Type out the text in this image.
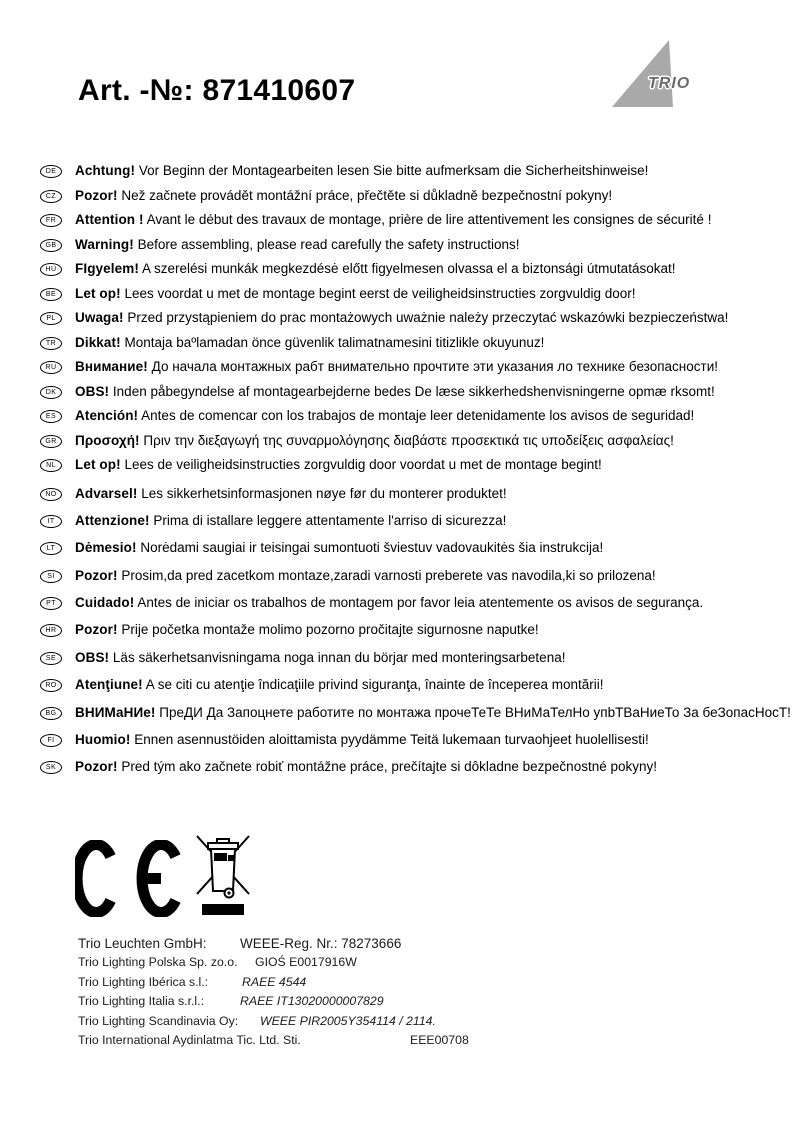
Art. -№: 871410607	TRIO
DE	Achtung! Vor Beginn der Montagearbeiten lesen Sie bitte aufmerksam die Sicherheitshinweise!

CZ	Pozor! Než začnete provádět montážní práce, přečtěte si důkladně bezpečnostní pokyny!

FR	Attention ! Avant le début des travaux de montage, prière de lire attentivement les consignes de sécurité !

GB	Warning! Before assembling, please read carefully the safety instructions!

HU	FIgyelem! A szerelési munkák megkezdésė előtt figyelmesen olvassa el a biztonsági útmutatásokat!

BE	Let op! Lees voordat u met de montage begint eerst de veiligheidsinstructies zorgvuldig door!

PL	Uwaga! Przed przystąpieniem do prac montażowych uważnie należy przeczytać wskazówki bezpieczeństwa!

TR	Dikkat! Montaja baºlamadan önce güvenlik talimatnamesini titizlikle okuyunuz!

RU	Внимание! До начала монтажных рабт внимательно прочтите эти указания ло технике безопасности!

DK	OBS! Inden påbegyndelse af montagearbejderne bedes De læse sikkerhedshenvisningerne opmæ rksomt!

ES	Atención! Antes de comencar con los trabajos de montaje leer detenidamente los avisos de seguridad!

GR	Προσοχή! Πριν την διεξαγωγή της συναρμολόγησης διαβάστε προσεκτικά τις υποδείξεις ασφαλείας!

NL	Let op! Lees de veiligheidsinstructies zorgvuldig door voordat u met de montage begint!

NO	Advarsel! Les sikkerhetsinformasjonen nøye før du monterer produktet!

IT	Attenzione! Prima di istallare leggere attentamente l'arriso di sicurezza!

LT	Dėmesio! Norėdami saugiai ir teisingai sumontuoti šviestuv vadovaukitės šia instrukcija!

SI	Pozor! Prosim,da pred zacetkom montaze,zaradi varnosti preberete vas navodila,ki so prilozena!

PT	Cuidado! Antes de iniciar os trabalhos de montagem por favor leia atentemente os avisos de segurança.

HR	Pozor! Prije početka montaže molimo pozorno pročitajte sigurnosne naputke!

SE	OBS! Läs säkerhetsanvisningama noga innan du börjar med monteringsarbetena!

RO	Atenţiune! A se citi cu atenţie îndicaţiile privind siguranţa, înainte de începerea montării!

BG	ВНИМаНИе! ПреДИ Да Запоцнете работите по монтажа прочеТеТе ВНиМаТелНо упbТВаНиеТо За беЗопасНосТ!

FI	Huomio! Ennen asennustöiden aloittamista pyydämme Teitä lukemaan turvaohjeet huolellisesti!

SK	Pozor! Pred tým ako začnete robiť montážne práce, prečítajte si dôkladne bezpečnostné pokyny!

Trio Leuchten GmbH: WEEE-Reg. Nr.: 78273666
Trio Lighting Polska Sp. zo.o. GIOŚ E0017916W
Trio Lighting Ibérica s.l.:	RAEE 4544
Trio Lighting Italia s.r.l.:	RAEE IT13020000007829
Trio Lighting Scandinavia Oy: WEEE PIR2005Y354114 / 2114.
Trio International Aydinlatma Tic. Ltd. Sti.	EEE00708
